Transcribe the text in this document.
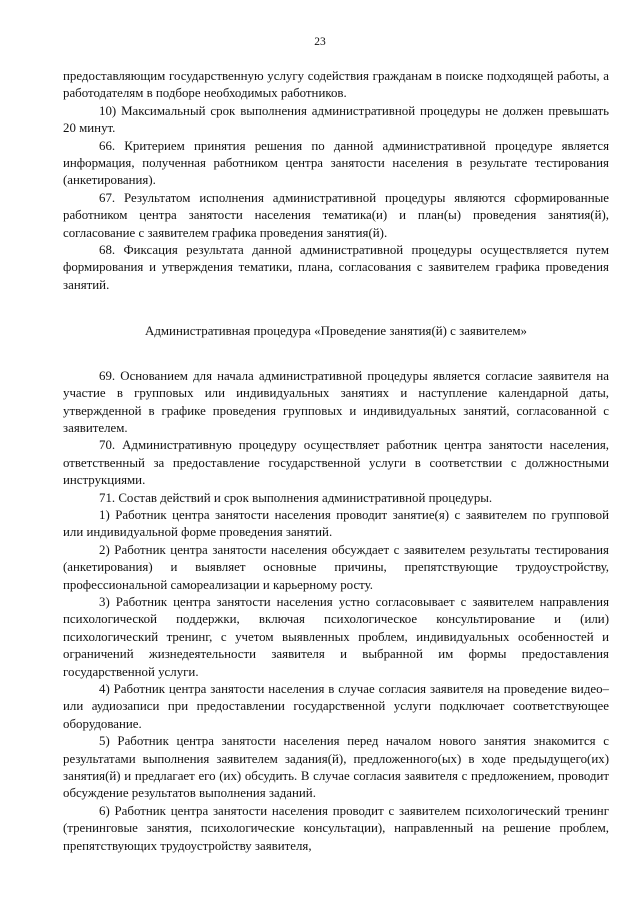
23

предоставляющим государственную услугу содействия гражданам в поиске подходящей работы, а работодателям в подборе необходимых работников.

10) Максимальный срок выполнения административной процедуры не должен превышать 20 минут.

66. Критерием принятия решения по данной административной процедуре является информация, полученная работником центра занятости населения в результате тестирования (анкетирования).

67. Результатом исполнения административной процедуры являются сформированные работником центра занятости населения тематика(и) и план(ы) проведения занятия(й), согласование с заявителем графика проведения занятия(й).

68. Фиксация результата данной административной процедуры осуществляется путем формирования и утверждения тематики, плана, согласования с заявителем графика проведения занятий.

Административная процедура «Проведение занятия(й) с заявителем»

69. Основанием для начала административной процедуры является согласие заявителя на участие в групповых или индивидуальных занятиях и наступление календарной даты, утвержденной в графике проведения групповых и индивидуальных занятий, согласованной с заявителем.

70. Административную процедуру осуществляет работник центра занятости населения, ответственный за предоставление государственной услуги в соответствии с должностными инструкциями.

71. Состав действий и срок выполнения административной процедуры.

1) Работник центра занятости населения проводит занятие(я) с заявителем по групповой или индивидуальной форме проведения занятий.

2) Работник центра занятости населения обсуждает с заявителем результаты тестирования (анкетирования) и выявляет основные причины, препятствующие трудоустройству, профессиональной самореализации и карьерному росту.

3) Работник центра занятости населения устно согласовывает с заявителем направления психологической поддержки, включая психологическое консультирование и (или) психологический тренинг, с учетом выявленных проблем, индивидуальных особенностей и ограничений жизнедеятельности заявителя и выбранной им формы предоставления государственной услуги.

4) Работник центра занятости населения в случае согласия заявителя на проведение видео– или аудиозаписи при предоставлении государственной услуги подключает соответствующее оборудование.

5) Работник центра занятости населения перед началом нового занятия знакомится с результатами выполнения заявителем задания(й), предложенного(ых) в ходе предыдущего(их) занятия(й) и предлагает его (их) обсудить. В случае согласия заявителя с предложением, проводит обсуждение результатов выполнения заданий.

6) Работник центра занятости населения проводит с заявителем психологический тренинг (тренинговые занятия, психологические консультации), направленный на решение проблем, препятствующих трудоустройству заявителя,
